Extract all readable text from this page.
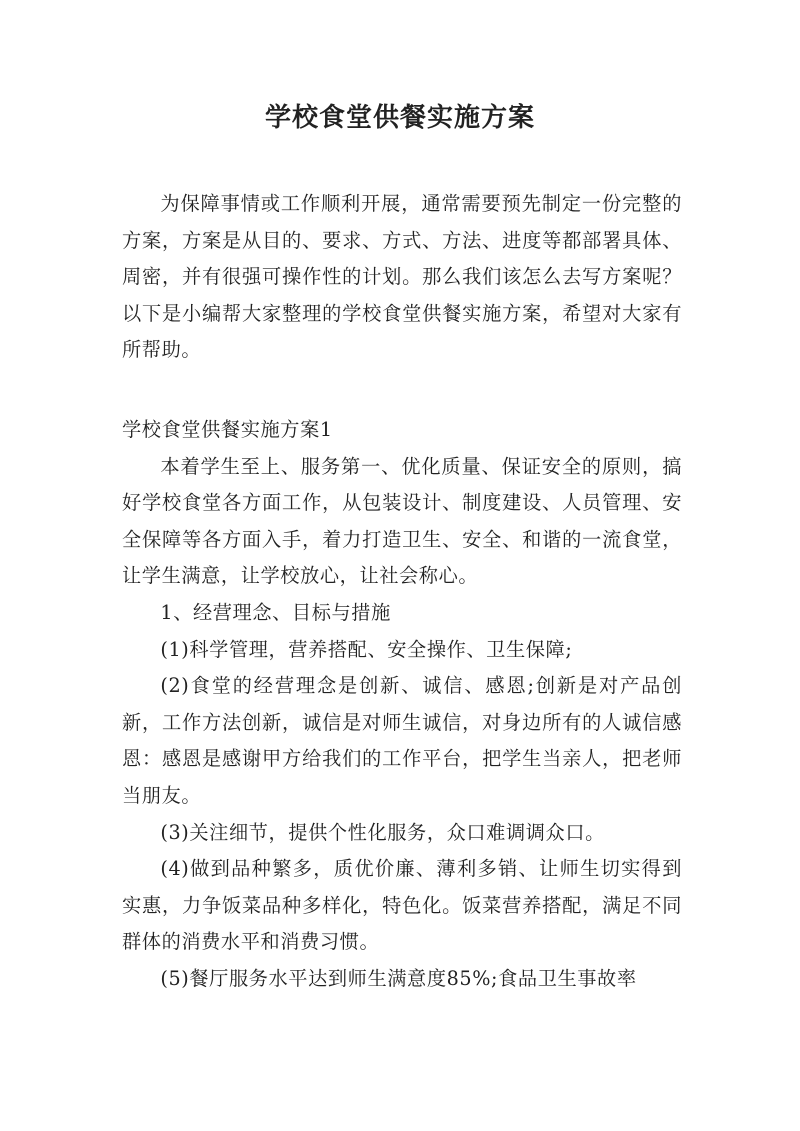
学校食堂供餐实施方案

为保障事情或工作顺利开展，通常需要预先制定一份完整的方案，方案是从目的、要求、方式、方法、进度等都部署具体、周密，并有很强可操作性的计划。那么我们该怎么去写方案呢？以下是小编帮大家整理的学校食堂供餐实施方案，希望对大家有所帮助。

学校食堂供餐实施方案1

本着学生至上、服务第一、优化质量、保证安全的原则，搞好学校食堂各方面工作，从包装设计、制度建设、人员管理、安全保障等各方面入手，着力打造卫生、安全、和谐的一流食堂，让学生满意，让学校放心，让社会称心。

1、经营理念、目标与措施

(1)科学管理，营养搭配、安全操作、卫生保障;

(2)食堂的经营理念是创新、诚信、感恩;创新是对产品创新，工作方法创新，诚信是对师生诚信，对身边所有的人诚信感恩：感恩是感谢甲方给我们的工作平台，把学生当亲人，把老师当朋友。

(3)关注细节，提供个性化服务，众口难调调众口。

(4)做到品种繁多，质优价廉、薄利多销、让师生切实得到实惠，力争饭菜品种多样化，特色化。饭菜营养搭配，满足不同群体的消费水平和消费习惯。

(5)餐厅服务水平达到师生满意度85%;食品卫生事故率
